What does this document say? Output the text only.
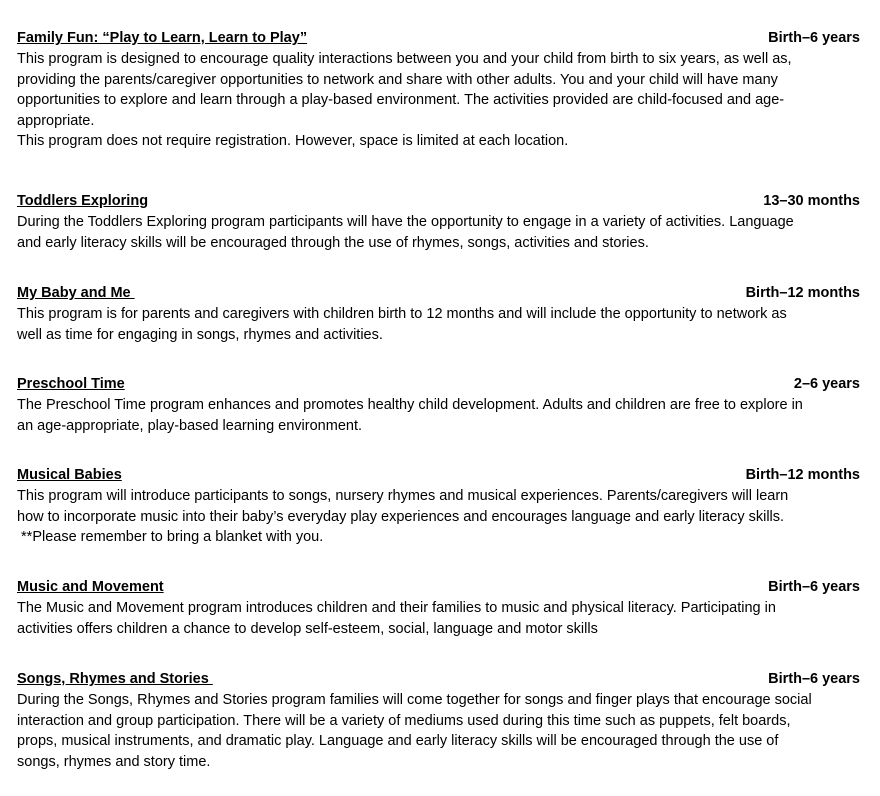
Family Fun: “Play to Learn, Learn to Play”	Birth–6 years

This program is designed to encourage quality interactions between you and your child from birth to six years, as well as,
providing the parents/caregiver opportunities to network and share with other adults. You and your child will have many
opportunities to explore and learn through a play-based environment. The activities provided are child-focused and age-
appropriate.
This program does not require registration. However, space is limited at each location.

Toddlers Exploring	13–30 months

During the Toddlers Exploring program participants will have the opportunity to engage in a variety of activities. Language
and early literacy skills will be encouraged through the use of rhymes, songs, activities and stories.

My Baby and Me	Birth–12 months

This program is for parents and caregivers with children birth to 12 months and will include the opportunity to network as
well as time for engaging in songs, rhymes and activities.

Preschool Time	2–6 years

The Preschool Time program enhances and promotes healthy child development. Adults and children are free to explore in
an age-appropriate, play-based learning environment.

Musical Babies	Birth–12 months

This program will introduce participants to songs, nursery rhymes and musical experiences. Parents/caregivers will learn
how to incorporate music into their baby’s everyday play experiences and encourages language and early literacy skills.
**Please remember to bring a blanket with you.

Music and Movement	Birth–6 years

The Music and Movement program introduces children and their families to music and physical literacy. Participating in
activities offers children a chance to develop self-esteem, social, language and motor skills

Songs, Rhymes and Stories	Birth–6 years

During the Songs, Rhymes and Stories program families will come together for songs and finger plays that encourage social
interaction and group participation. There will be a variety of mediums used during this time such as puppets, felt boards,
props, musical instruments, and dramatic play. Language and early literacy skills will be encouraged through the use of
songs, rhymes and story time.
